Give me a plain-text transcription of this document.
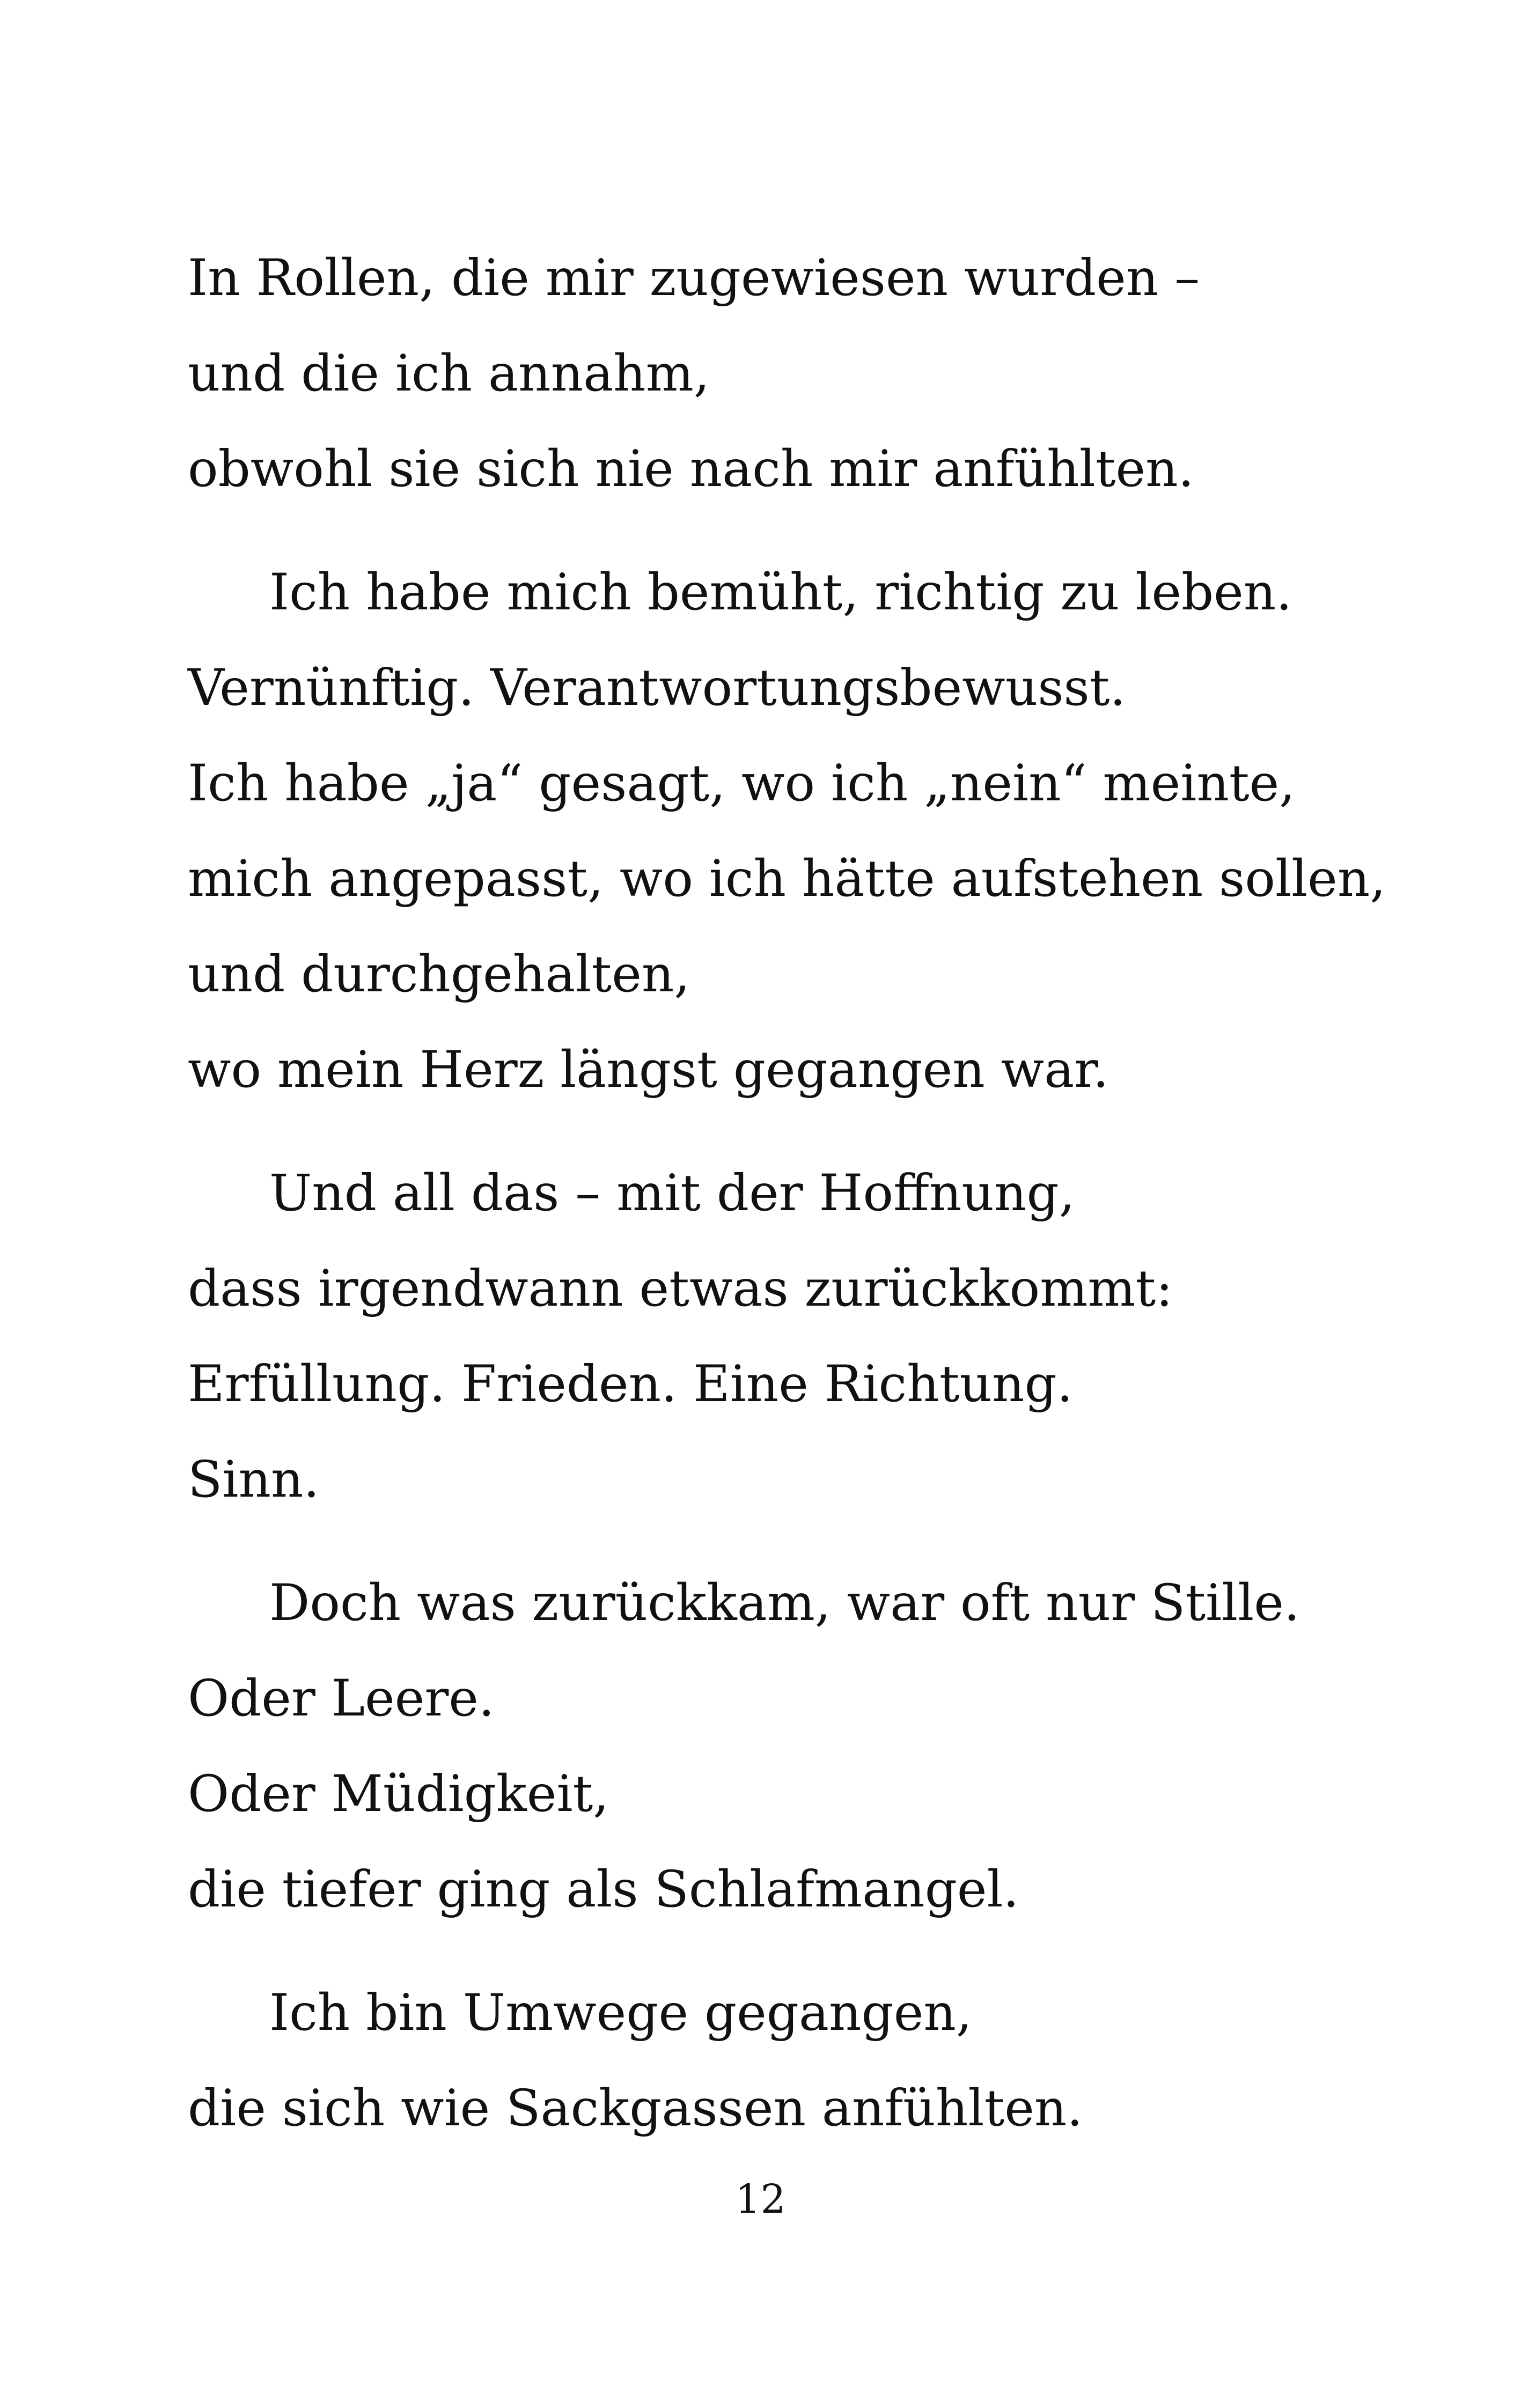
In Rollen, die mir zugewiesen wurden –
und die ich annahm,
obwohl sie sich nie nach mir anfühlten.
Ich habe mich bemüht, richtig zu leben.
Vernünftig. Verantwortungsbewusst.
Ich habe „ja“ gesagt, wo ich „nein“ meinte,
mich angepasst, wo ich hätte aufstehen sollen,
und durchgehalten,
wo mein Herz längst gegangen war.
Und all das – mit der Hoffnung,
dass irgendwann etwas zurückkommt:
Erfüllung. Frieden. Eine Richtung.
Sinn.
Doch was zurückkam, war oft nur Stille.
Oder Leere.
Oder Müdigkeit,
die tiefer ging als Schlafmangel.
Ich bin Umwege gegangen,
die sich wie Sackgassen anfühlten.
12
